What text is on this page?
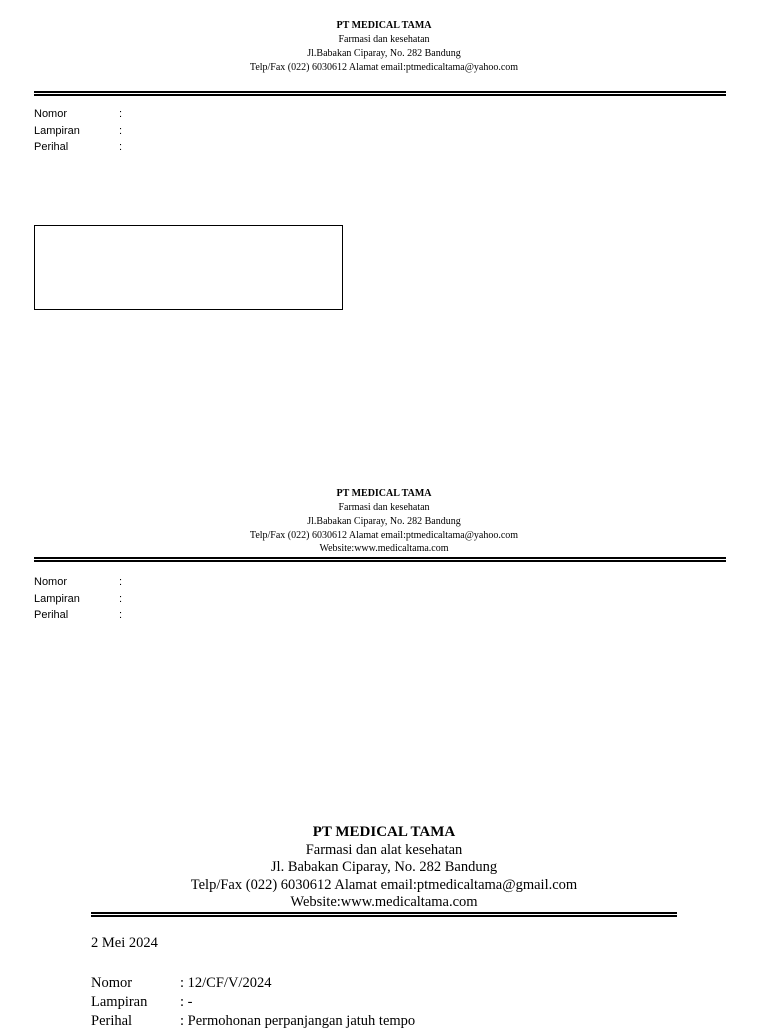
PT MEDICAL TAMA
Farmasi dan kesehatan
Jl.Babakan Ciparay, No. 282 Bandung
Telp/Fax (022) 6030612 Alamat email:ptmedicaltama@yahoo.com
Nomor	:
Lampiran	:
Perihal	:
PT MEDICAL TAMA
Farmasi dan kesehatan
Jl.Babakan Ciparay, No. 282 Bandung
Telp/Fax (022) 6030612 Alamat email:ptmedicaltama@yahoo.com
Website:www.medicaltama.com
Nomor	:
Lampiran	:
Perihal	:
PT MEDICAL TAMA
Farmasi dan alat kesehatan
Jl. Babakan Ciparay, No. 282 Bandung
Telp/Fax (022) 6030612 Alamat email:ptmedicaltama@gmail.com
Website:www.medicaltama.com
2 Mei 2024
Nomor	: 12/CF/V/2024
Lampiran	: -
Perihal	: Permohonan perpanjangan jatuh tempo
